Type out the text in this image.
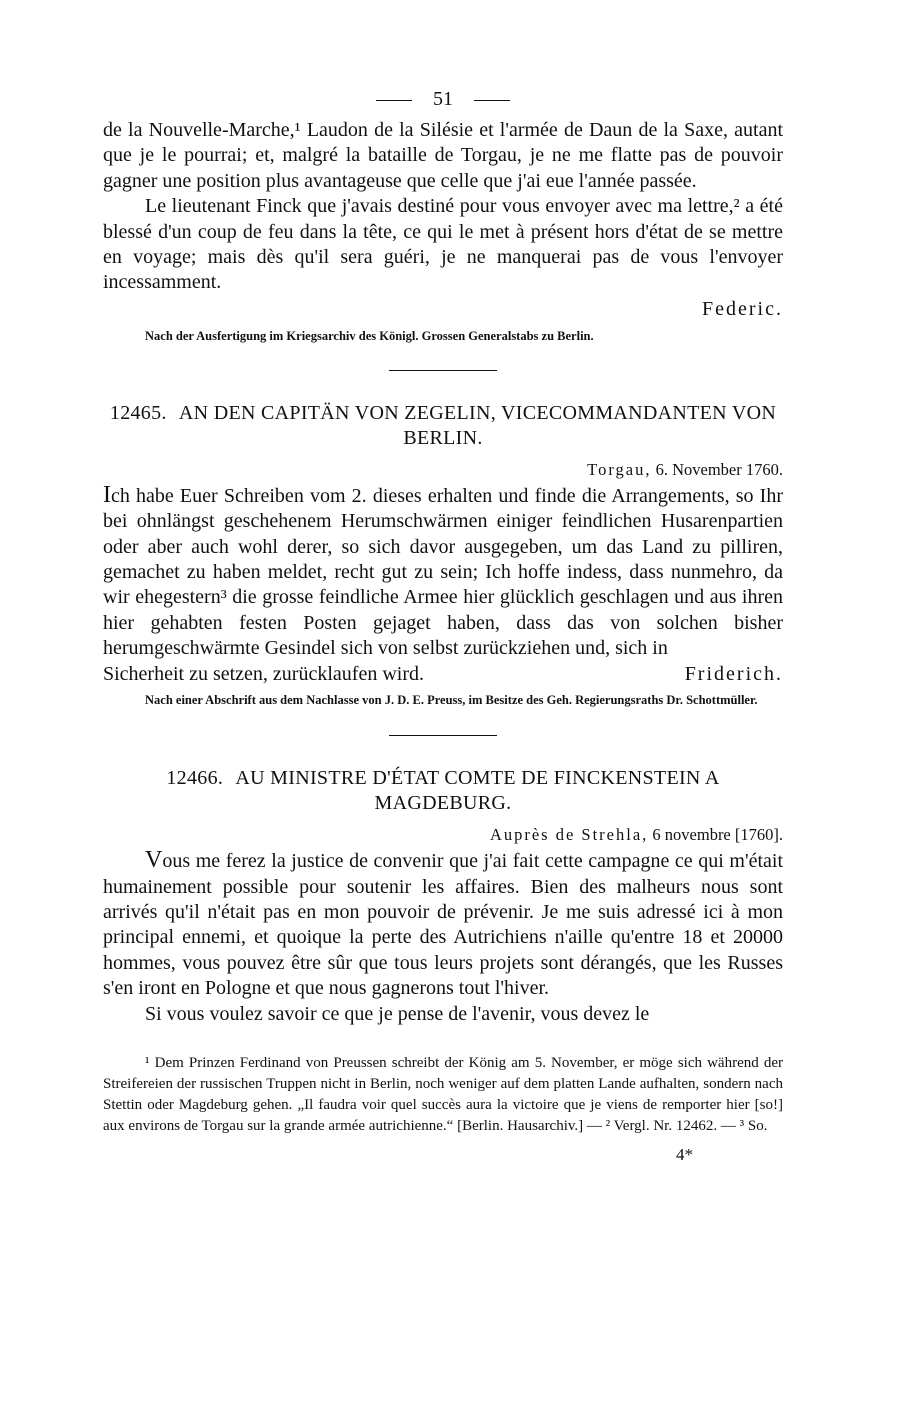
51

de la Nouvelle-Marche,¹ Laudon de la Silésie et l'armée de Daun de la Saxe, autant que je le pourrai; et, malgré la bataille de Torgau, je ne me flatte pas de pouvoir gagner une position plus avantageuse que celle que j'ai eue l'année passée.

Le lieutenant Finck que j'avais destiné pour vous envoyer avec ma lettre,² a été blessé d'un coup de feu dans la tête, ce qui le met à présent hors d'état de se mettre en voyage; mais dès qu'il sera guéri, je ne manquerai pas de vous l'envoyer incessamment.

Federic.
Nach der Ausfertigung im Kriegsarchiv des Königl. Grossen Generalstabs zu Berlin.
12465. AN DEN CAPITÄN VON ZEGELIN, VICECOMMANDANTEN VON BERLIN.
Torgau, 6. November 1760.

Ich habe Euer Schreiben vom 2. dieses erhalten und finde die Arrangements, so Ihr bei ohnlängst geschehenem Herumschwärmen einiger feindlichen Husarenpartien oder aber auch wohl derer, so sich davor ausgegeben, um das Land zu pilliren, gemachet zu haben meldet, recht gut zu sein; Ich hoffe indess, dass nunmehro, da wir ehegestern³ die grosse feindliche Armee hier glücklich geschlagen und aus ihren hier gehabten festen Posten gejaget haben, dass das von solchen bisher herumgeschwärmte Gesindel sich von selbst zurückziehen und, sich in

Sicherheit zu setzen, zurücklaufen wird.	Friderich.
Nach einer Abschrift aus dem Nachlasse von J. D. E. Preuss, im Besitze des Geh. Regierungsraths Dr. Schottmüller.
12466. AU MINISTRE D'ÉTAT COMTE DE FINCKENSTEIN A MAGDEBURG.
Auprès de Strehla, 6 novembre [1760].

Vous me ferez la justice de convenir que j'ai fait cette campagne ce qui m'était humainement possible pour soutenir les affaires. Bien des malheurs nous sont arrivés qu'il n'était pas en mon pouvoir de prévenir. Je me suis adressé ici à mon principal ennemi, et quoique la perte des Autrichiens n'aille qu'entre 18 et 20000 hommes, vous pouvez être sûr que tous leurs projets sont dérangés, que les Russes s'en iront en Pologne et que nous gagnerons tout l'hiver.

Si vous voulez savoir ce que je pense de l'avenir, vous devez le

¹ Dem Prinzen Ferdinand von Preussen schreibt der König am 5. November, er möge sich während der Streifereien der russischen Truppen nicht in Berlin, noch weniger auf dem platten Lande aufhalten, sondern nach Stettin oder Magdeburg gehen. „Il faudra voir quel succès aura la victoire que je viens de remporter hier [so!] aux environs de Torgau sur la grande armée autrichienne.“ [Berlin. Hausarchiv.] — ² Vergl. Nr. 12462. — ³ So.

4*
